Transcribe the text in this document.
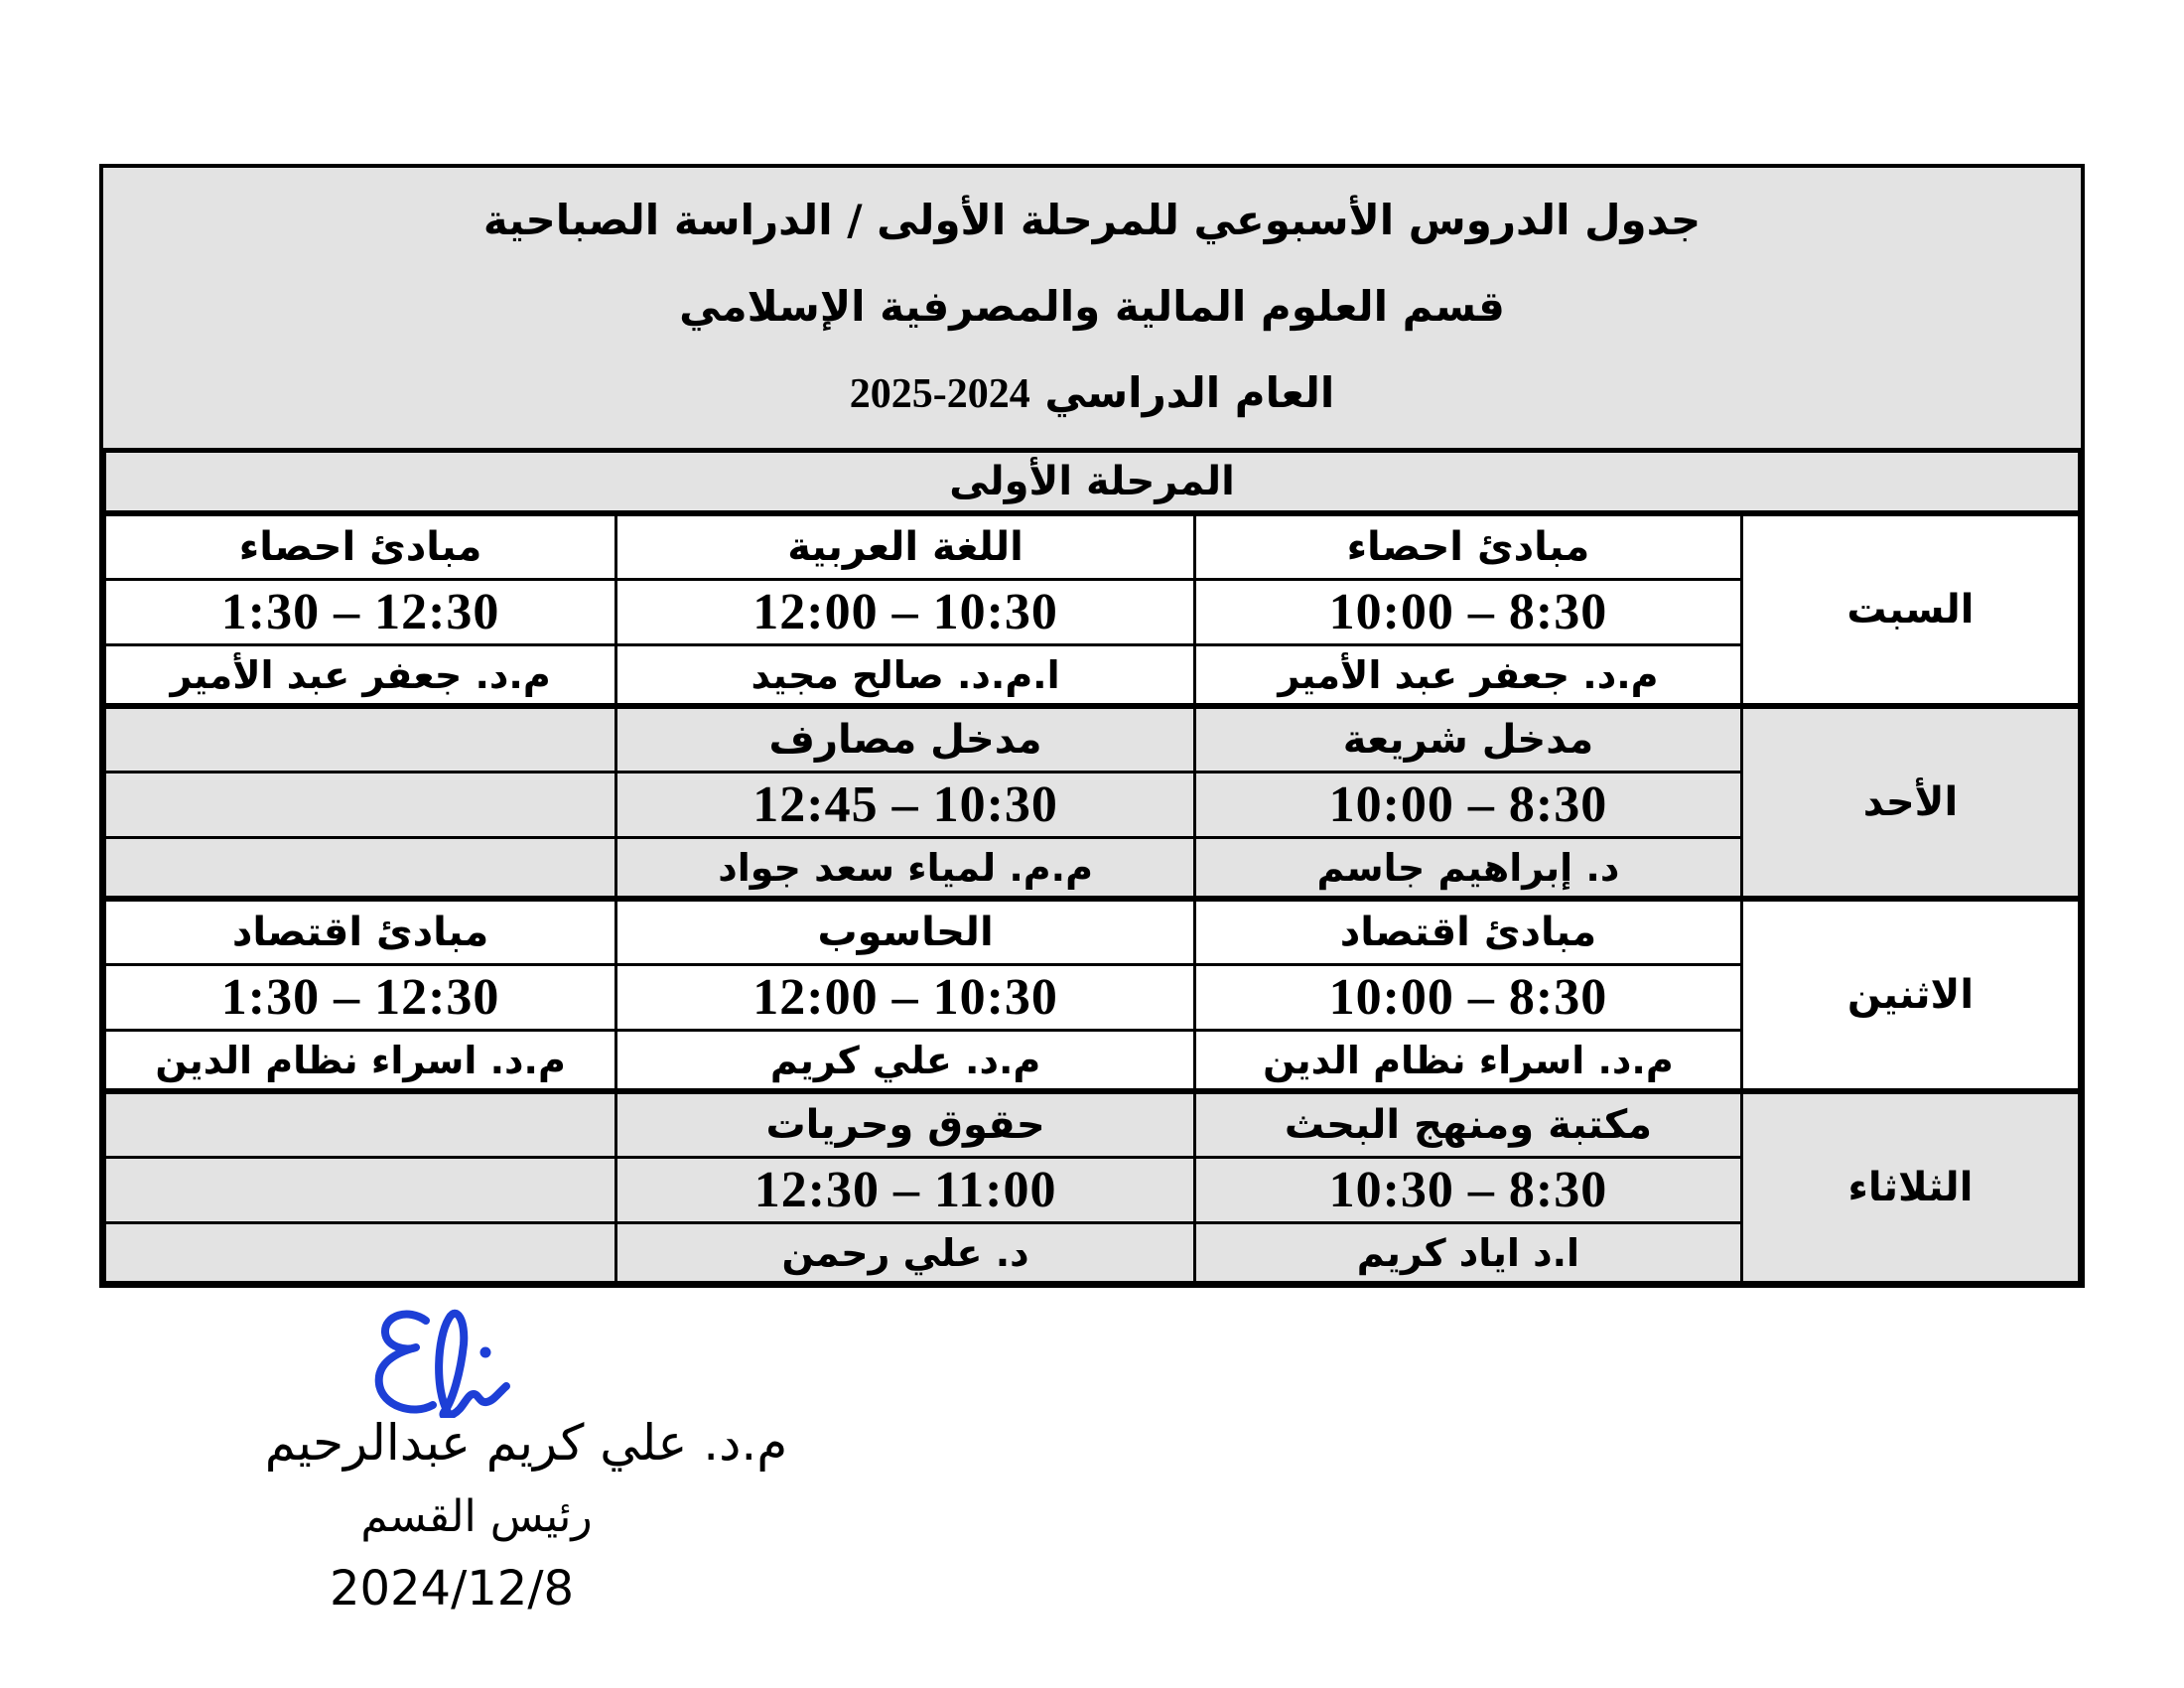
جدول الدروس الأسبوعي للمرحلة الأولى / الدراسة الصباحية
قسم العلوم المالية والمصرفية الإسلامي
العام الدراسي 2025-2024
المرحلة الأولى			
السبت	مبادئ احصاء	اللغة العربية	مبادئ احصاء
	10:00 – 8:30	12:00 – 10:30	1:30 – 12:30
	م.د. جعفر عبد الأمير	ا.م.د. صالح مجيد	م.د. جعفر عبد الأمير
الأحد	مدخل شريعة	مدخل مصارف	
	10:00 – 8:30	12:45 – 10:30	
	د. إبراهيم جاسم	م.م. لمياء سعد جواد	
الاثنين	مبادئ اقتصاد	الحاسوب	مبادئ اقتصاد
	10:00 – 8:30	12:00 – 10:30	1:30 – 12:30
	م.د. اسراء نظام الدين	م.د. علي كريم	م.د. اسراء نظام الدين
الثلاثاء	مكتبة ومنهج البحث	حقوق وحريات	
	10:30 – 8:30	12:30 – 11:00	
	ا.د اياد كريم	د. علي رحمن	
م.د. علي كريم عبدالرحيم
رئيس القسم
2024/12/8
